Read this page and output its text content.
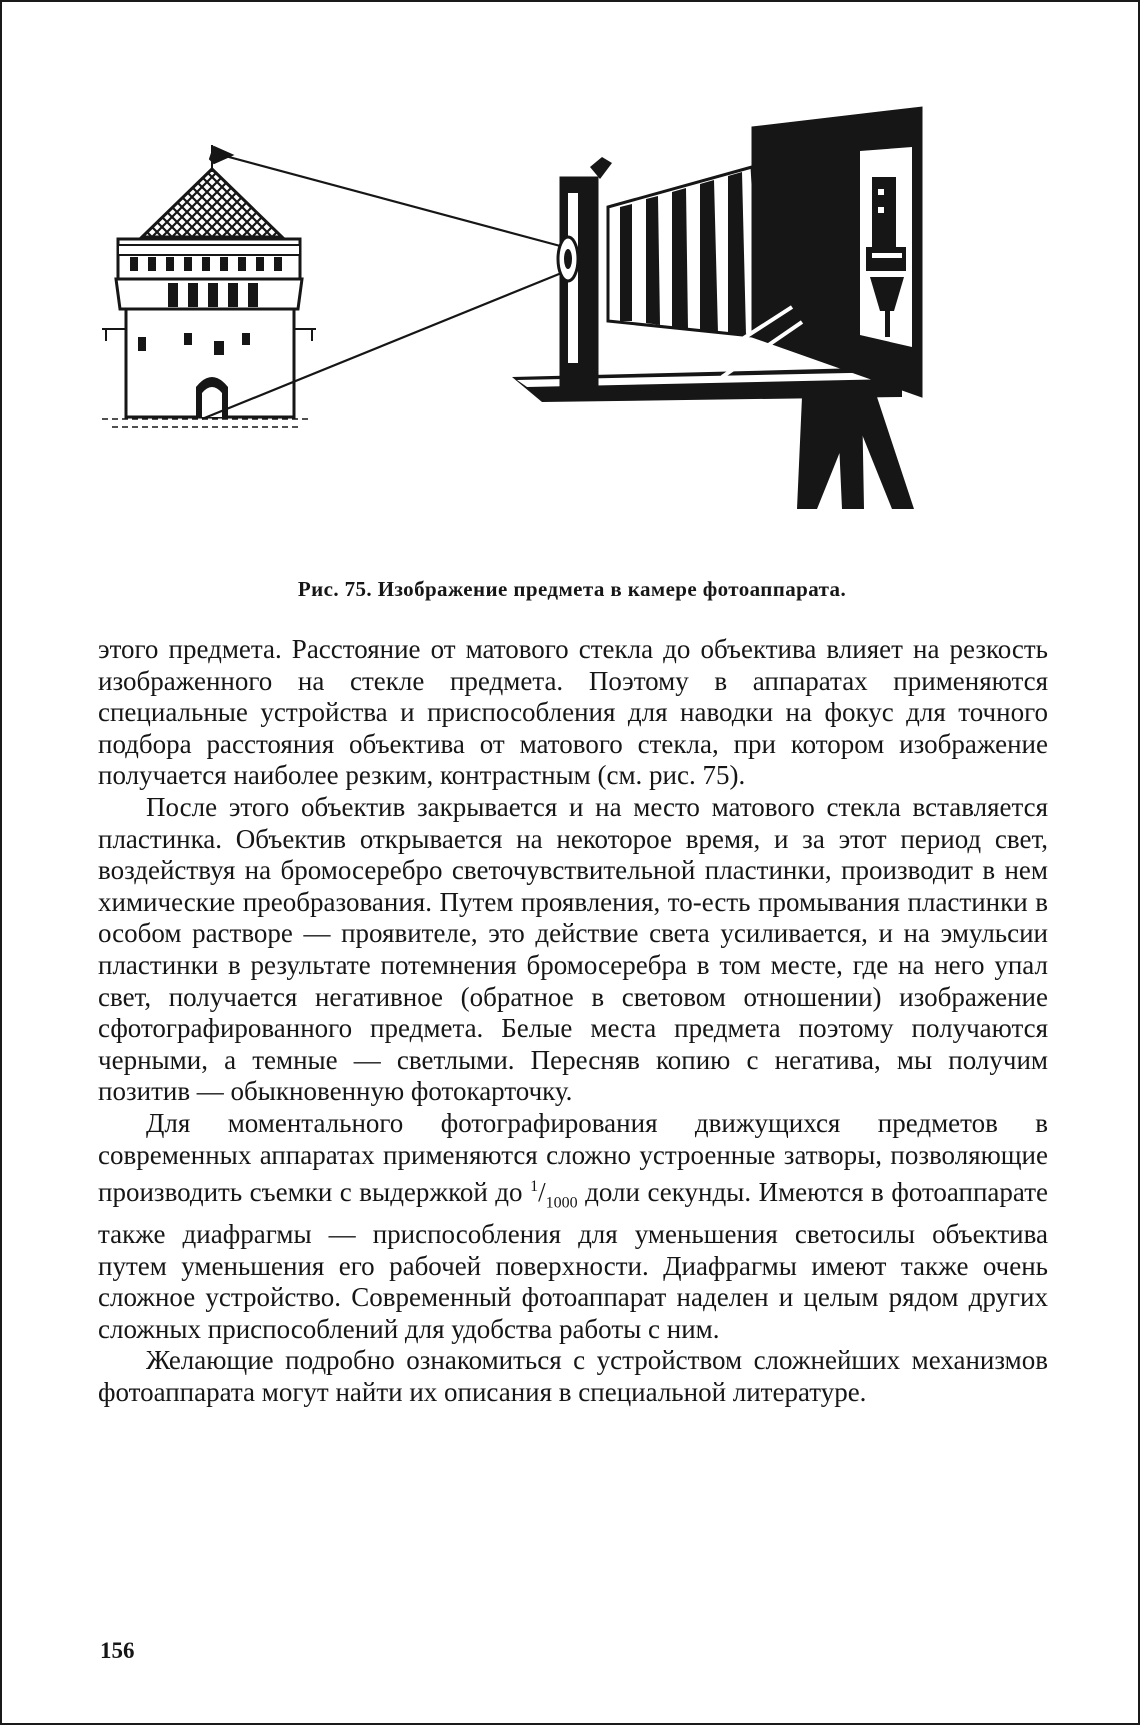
Рис. 75. Изображение предмета в камере фотоаппарата.

этого предмета. Расстояние от матового стекла до объектива влияет на резкость изображенного на стекле предмета. Поэтому в аппаратах применяются специальные устройства и приспособления для наводки на фокус для точного подбора расстояния объектива от матового стекла, при котором изображение получается наиболее резким, контрастным (см. рис. 75).

После этого объектив закрывается и на место матового стекла вставляется пластинка. Объектив открывается на некоторое время, и за этот период свет, воздействуя на бромосеребро светочувствительной пластинки, производит в нем химические преобразования. Путем проявления, то-есть промывания пластинки в особом растворе — проявителе, это действие света усиливается, и на эмульсии пластинки в результате потемнения бромосеребра в том месте, где на него упал свет, получается негативное (обратное в световом отношении) изображение сфотографированного предмета. Белые места предмета поэтому получаются черными, а темные — светлыми. Пересняв копию с негатива, мы получим позитив — обыкновенную фотокарточку.

Для моментального фотографирования движущихся предметов в современных аппаратах применяются сложно устроенные затворы, позволяющие производить съемки с выдержкой до $^1/_{1000}$ доли секунды. Имеются в фотоаппарате также диафрагмы — приспособления для уменьшения светосилы объектива путем уменьшения его рабочей поверхности. Диафрагмы имеют также очень сложное устройство. Современный фотоаппарат наделен и целым рядом других сложных приспособлений для удобства работы с ним.

Желающие подробно ознакомиться с устройством сложнейших механизмов фотоаппарата могут найти их описания в специальной литературе.

156
